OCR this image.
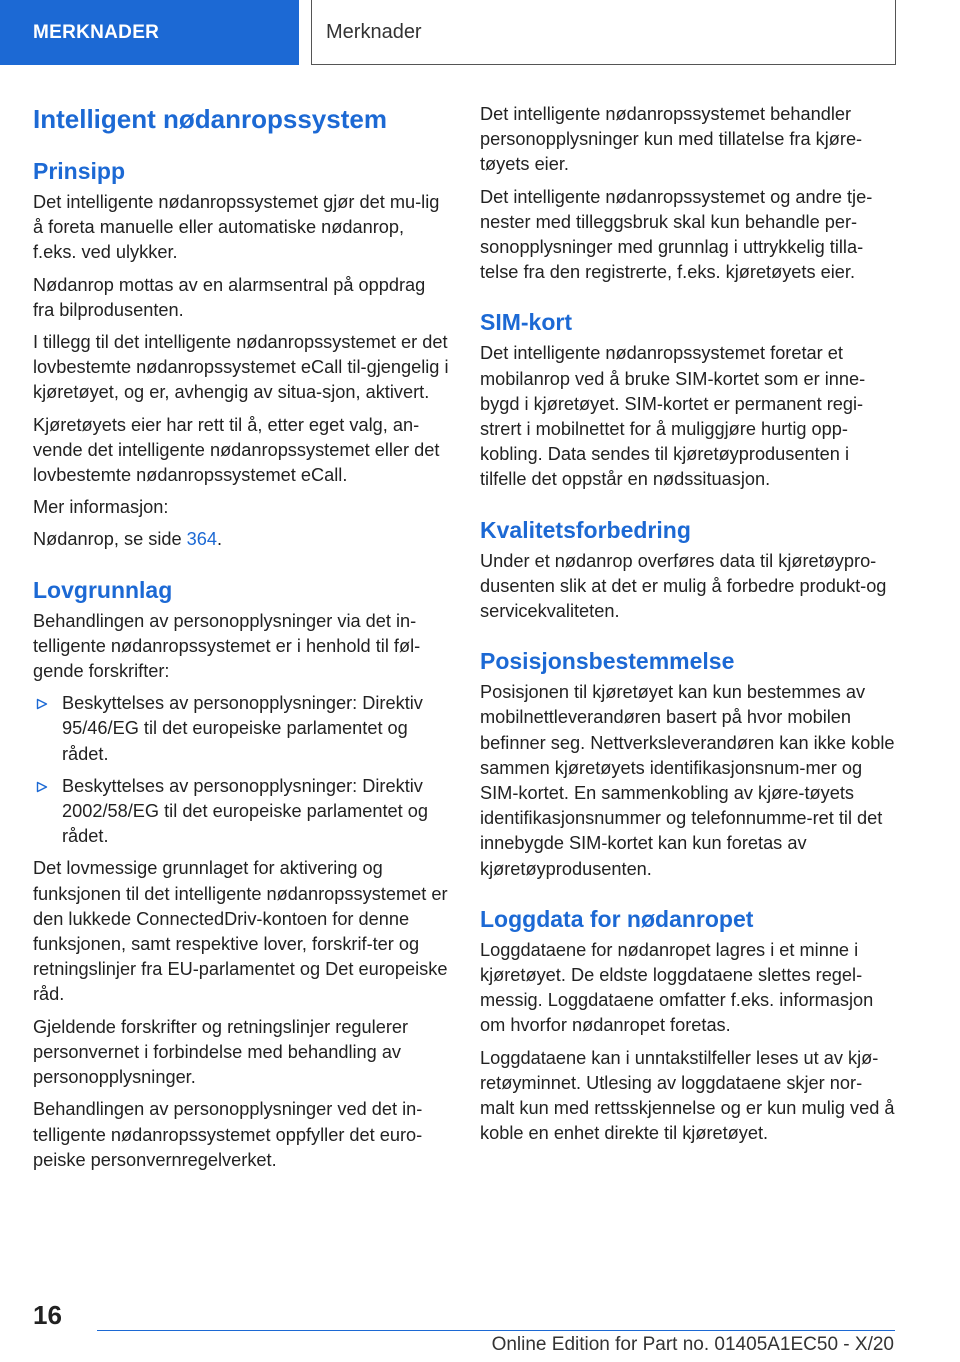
MERKNADER	Merknader
Intelligent nødanropssystem
Prinsipp

Det intelligente nødanropssystemet gjør det mu-lig å foreta manuelle eller automatiske nødanrop, f.eks. ved ulykker.

Nødanrop mottas av en alarmsentral på oppdrag fra bilprodusenten.

I tillegg til det intelligente nødanropssystemet er det lovbestemte nødanropssystemet eCall til-gjengelig i kjøretøyet, og er, avhengig av situa-sjon, aktivert.

Kjøretøyets eier har rett til å, etter eget valg, an-vende det intelligente nødanropssystemet eller det lovbestemte nødanropssystemet eCall.

Mer informasjon:

Nødanrop, se side 364.

Lovgrunnlag

Behandlingen av personopplysninger via det in-telligente nødanropssystemet er i henhold til føl-gende forskrifter:

Beskyttelses av personopplysninger: Direktiv 95/46/EG til det europeiske parlamentet og rådet.
Beskyttelses av personopplysninger: Direktiv 2002/58/EG til det europeiske parlamentet og rådet.

Det lovmessige grunnlaget for aktivering og funksjonen til det intelligente nødanropssystemet er den lukkede ConnectedDriv-kontoen for denne funksjonen, samt respektive lover, forskrif-ter og retningslinjer fra EU-parlamentet og Det europeiske råd.

Gjeldende forskrifter og retningslinjer regulerer personvernet i forbindelse med behandling av personopplysninger.

Behandlingen av personopplysninger ved det in-telligente nødanropssystemet oppfyller det euro-peiske personvernregelverket.

Det intelligente nødanropssystemet behandler personopplysninger kun med tillatelse fra kjøre-tøyets eier.

Det intelligente nødanropssystemet og andre tje-nester med tilleggsbruk skal kun behandle per-sonopplysninger med grunnlag i uttrykkelig tilla-telse fra den registrerte, f.eks. kjøretøyets eier.

SIM-kort

Det intelligente nødanropssystemet foretar et mobilanrop ved å bruke SIM-kortet som er inne-bygd i kjøretøyet. SIM-kortet er permanent regi-strert i mobilnettet for å muliggjøre hurtig opp-kobling. Data sendes til kjøretøyprodusenten i tilfelle det oppstår en nødssituasjon.

Kvalitetsforbedring

Under et nødanrop overføres data til kjøretøypro-dusenten slik at det er mulig å forbedre produkt-og servicekvaliteten.

Posisjonsbestemmelse

Posisjonen til kjøretøyet kan kun bestemmes av mobilnettleverandøren basert på hvor mobilen befinner seg. Nettverksleverandøren kan ikke koble sammen kjøretøyets identifikasjonsnum-mer og SIM-kortet. En sammenkobling av kjøre-tøyets identifikasjonsnummer og telefonnumme-ret til det innebygde SIM-kortet kan kun foretas av kjøretøyprodusenten.

Loggdata for nødanropet

Loggdataene for nødanropet lagres i et minne i kjøretøyet. De eldste loggdataene slettes regel-messig. Loggdataene omfatter f.eks. informasjon om hvorfor nødanropet foretas.

Loggdataene kan i unntakstilfeller leses ut av kjø-retøyminnet. Utlesing av loggdataene skjer nor-malt kun med rettsskjennelse og er kun mulig ved å koble en enhet direkte til kjøretøyet.

16
Online Edition for Part no. 01405A1EC50 - X/20
